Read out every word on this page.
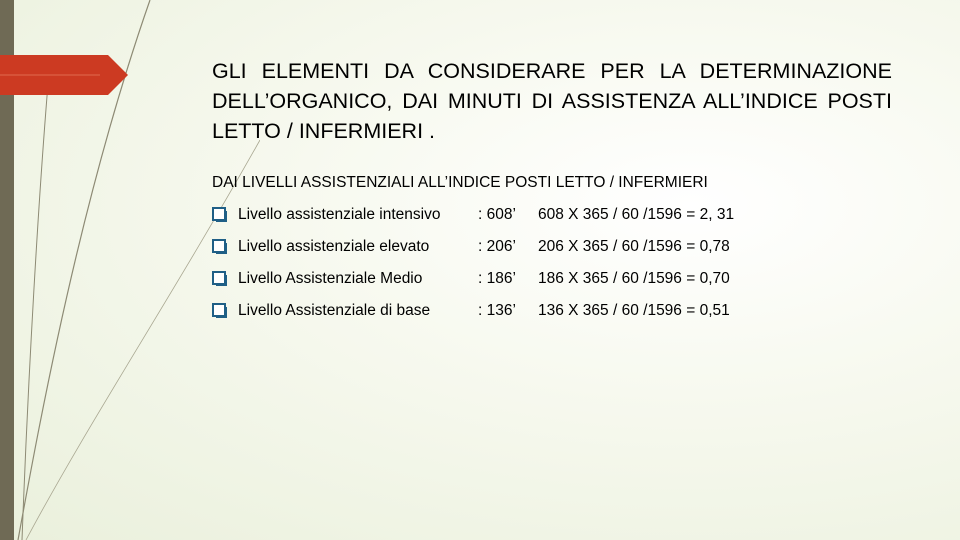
GLI ELEMENTI DA CONSIDERARE PER LA DETERMINAZIONE DELL’ORGANICO, DAI MINUTI DI ASSISTENZA ALL’INDICE POSTI LETTO / INFERMIERI .

DAI LIVELLI ASSISTENZIALI ALL’INDICE POSTI LETTO / INFERMIERI

Livello assistenziale intensivo : 608’ 608 X 365 / 60 /1596 = 2, 31
Livello assistenziale elevato	: 206’ 206 X 365 / 60 /1596 = 0,78
Livello Assistenziale Medio	: 186’ 186 X 365 / 60 /1596 = 0,70
Livello Assistenziale di base	: 136’ 136 X 365 / 60 /1596 = 0,51
